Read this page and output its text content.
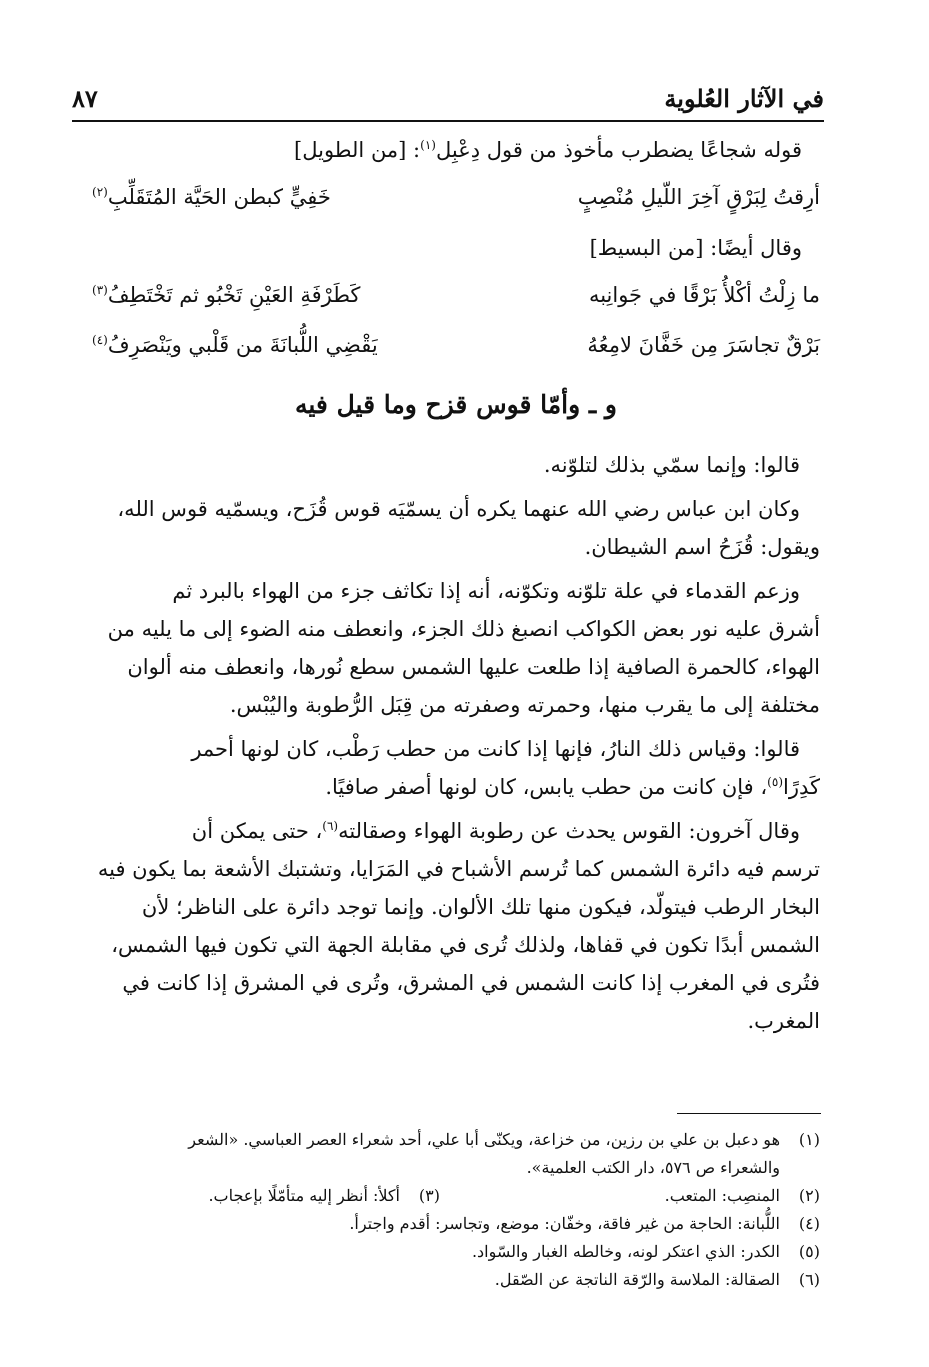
في الآثار العُلوية
٨٧
قوله شجاعًا يضطرب مأخوذ من قول دِعْبِل$^{(١)}$: [من الطويل]
أرِقتُ لِبَرْقٍ آخِرَ اللّيلِ مُنْصِبٍ
خَفِيٍّ كبطن الحَيَّة المُتَقَلِّبِ$^{(٢)}$
وقال أيضًا: [من البسيط]
ما زِلْتُ أكْلأُ بَرْقًا في جَوانِبه
كَطَرْفَةِ العَيْنِ تَخْبُو ثم تَخْتَطِفُ$^{(٣)}$
بَرْقٌ تجاسَرَ مِن خَفَّانَ لامِعُهُ
يَقْضِي اللُّبانَةَ من قَلْبي ويَنْصَرِفُ$^{(٤)}$
و ـ وأمّا قوس قزح وما قيل فيه
قالوا: وإنما سمّي بذلك لتلوّنه.
وكان ابن عباس رضي الله عنهما يكره أن يسمّيَه قوس قُزَح، ويسمّيه قوس الله،
ويقول: قُزَحُ اسم الشيطان.
وزعم القدماء في علة تلوّنه وتكوّنه، أنه إذا تكاثف جزء من الهواء بالبرد ثم
أشرق عليه نور بعض الكواكب انصبغ ذلك الجزء، وانعطف منه الضوء إلى ما يليه من
الهواء، كالحمرة الصافية إذا طلعت عليها الشمس سطع نُورها، وانعطف منه ألوان
مختلفة إلى ما يقرب منها، وحمرته وصفرته من قِبَل الرُّطوبة واليُبْس.
قالوا: وقياس ذلك النارُ، فإنها إذا كانت من حطب رَطْب، كان لونها أحمر
كَدِرًا$^{(٥)}$، فإن كانت من حطب يابس، كان لونها أصفر صافيًا.
وقال آخرون: القوس يحدث عن رطوبة الهواء وصقالته$^{(٦)}$، حتى يمكن أن
ترسم فيه دائرة الشمس كما تُرسم الأشباح في المَرَايا، وتشتبك الأشعة بما يكون فيه
البخار الرطب فيتولّد، فيكون منها تلك الألوان. وإنما توجد دائرة على الناظر؛ لأن
الشمس أبدًا تكون في قفاها، ولذلك تُرى في مقابلة الجهة التي تكون فيها الشمس،
فتُرى في المغرب إذا كانت الشمس في المشرق، وتُرى في المشرق إذا كانت في
المغرب.
(١)
هو دعبل بن علي بن رزين، من خزاعة، ويكنّى أبا علي، أحد شعراء العصر العباسي. «الشعر
والشعراء ص ٥٧٦، دار الكتب العلمية».
(٢)
المنصِب: المتعب.
(٣)
أكلأ: أنظر إليه متأمّلًا بإعجاب.
(٤)
اللُّبانة: الحاجة من غير فاقة، وخفّان: موضع، وتجاسر: أقدم واجترأ.
(٥)
الكدر: الذي اعتكر لونه، وخالطه الغبار والسّواد.
(٦)
الصقالة: الملاسة والرّقة الناتجة عن الصّقل.
